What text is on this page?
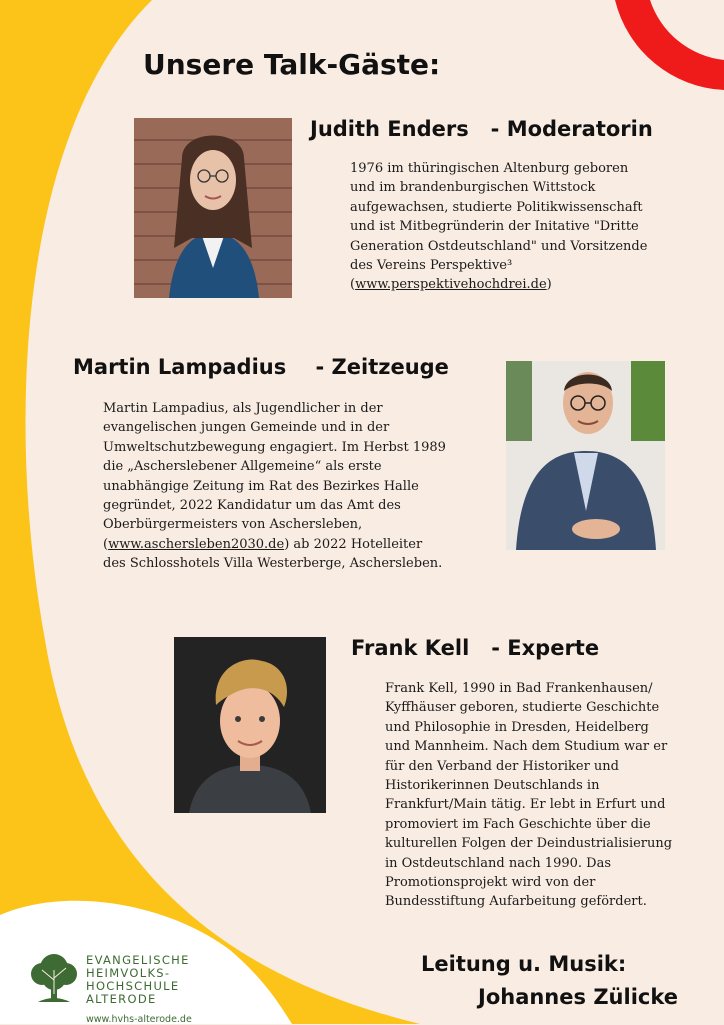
Unsere Talk-Gäste:
Judith Enders - Moderatorin
1976 im thüringischen Altenburg geboren
und im brandenburgischen Wittstock
aufgewachsen, studierte Politikwissenschaft
und ist Mitbegründerin der Initative "Dritte
Generation Ostdeutschland" und Vorsitzende
des Vereins Perspektive³
(www.perspektivehochdrei.de)
Martin Lampadius - Zeitzeuge
Martin Lampadius, als Jugendlicher in der
evangelischen jungen Gemeinde und in der
Umweltschutzbewegung engagiert. Im Herbst 1989
die „Ascherslebener Allgemeine“ als erste
unabhängige Zeitung im Rat des Bezirkes Halle
gegründet, 2022 Kandidatur um das Amt des
Oberbürgermeisters von Aschersleben,
(www.aschersleben2030.de) ab 2022 Hotelleiter
des Schlosshotels Villa Westerberge, Aschersleben.
Frank Kell - Experte
Frank Kell, 1990 in Bad Frankenhausen/
Kyffhäuser geboren, studierte Geschichte
und Philosophie in Dresden, Heidelberg
und Mannheim. Nach dem Studium war er
für den Verband der Historiker und
Historikerinnen Deutschlands in
Frankfurt/Main tätig. Er lebt in Erfurt und
promoviert im Fach Geschichte über die
kulturellen Folgen der Deindustrialisierung
in Ostdeutschland nach 1990. Das
Promotionsprojekt wird von der
Bundesstiftung Aufarbeitung gefördert.
Leitung u. Musik:
Johannes Zülicke
EVANGELISCHE
HEIMVOLKS-
HOCHSCHULE
ALTERODE
www.hvhs-alterode.de
